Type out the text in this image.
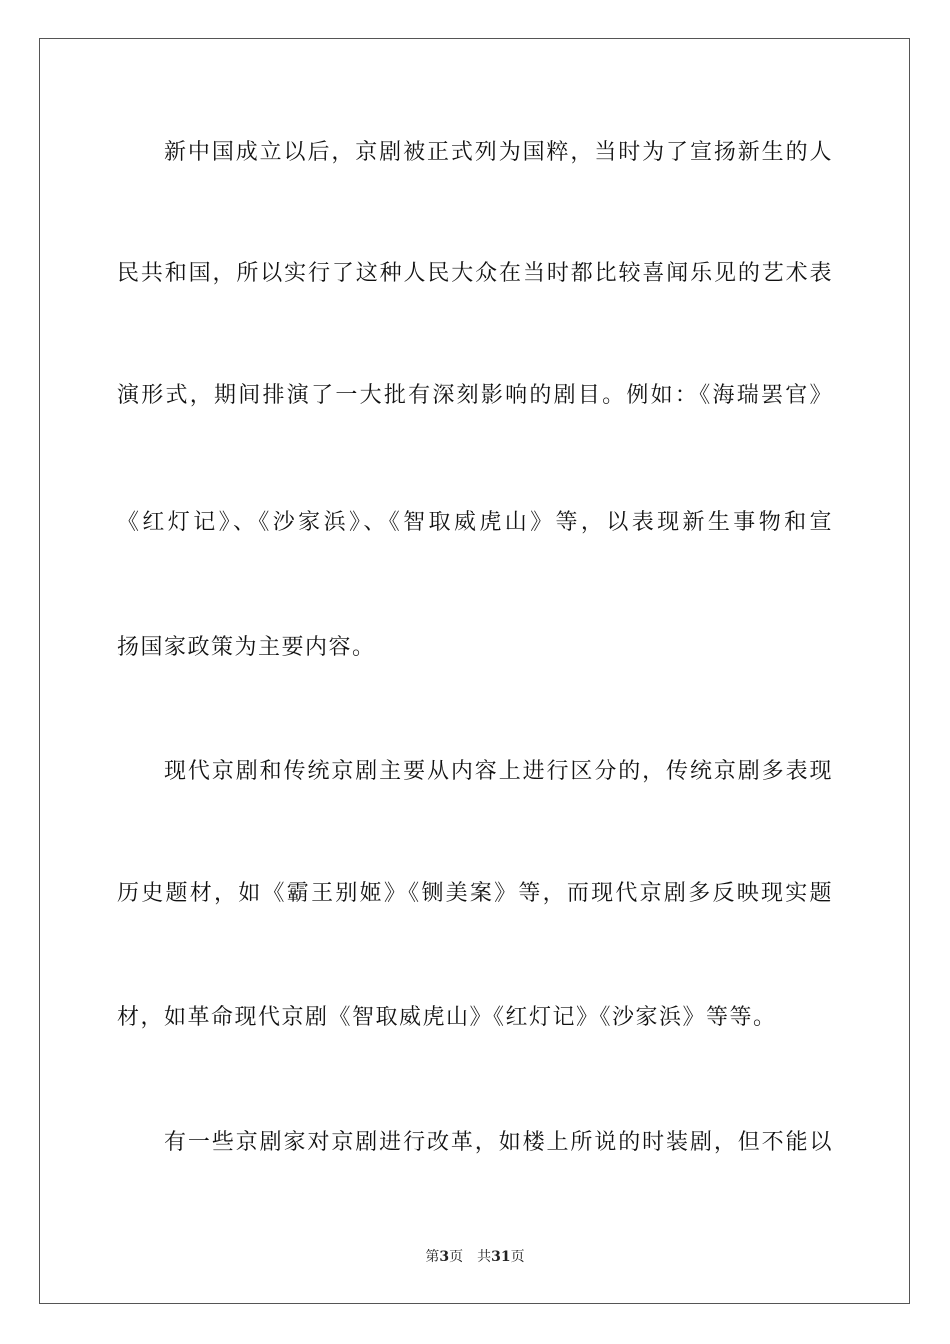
新中国成立以后，京剧被正式列为国粹，当时为了宣扬新生的人
民共和国，所以实行了这种人民大众在当时都比较喜闻乐见的艺术表
演形式，期间排演了一大批有深刻影响的剧目。例如：《海瑞罢官》
《红灯记》、《沙家浜》、《智取威虎山》等，以表现新生事物和宣
扬国家政策为主要内容。
现代京剧和传统京剧主要从内容上进行区分的，传统京剧多表现
历史题材，如《霸王别姬》《铡美案》等，而现代京剧多反映现实题
材，如革命现代京剧《智取威虎山》《红灯记》《沙家浜》等等。
有一些京剧家对京剧进行改革，如楼上所说的时装剧，但不能以
第3页 共31页
